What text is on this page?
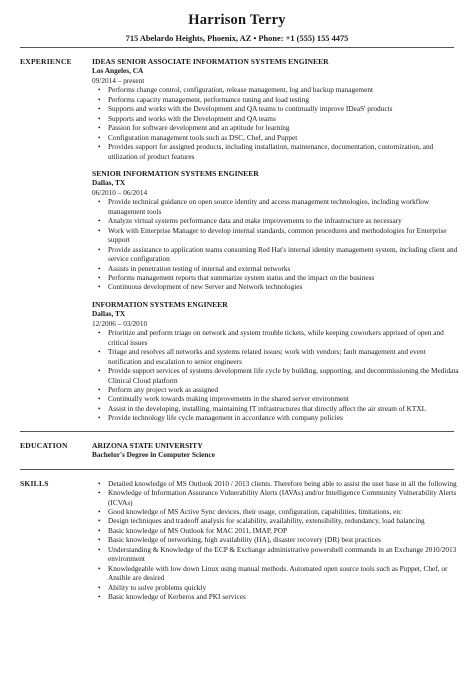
Harrison Terry
715 Abelardo Heights, Phoenix, AZ • Phone: +1 (555) 155 4475
EXPERIENCE	IDEAS SENIOR ASSOCIATE INFORMATION SYSTEMS ENGINEER
Los Angeles, CA
09/2014 – present
• Performs change control, configuration, release management, log and backup management
• Performs capacity management, performance tuning and load testing
• Supports and works with the Development and QA teams to continually improve IDeaS' products
• Supports and works with the Development and QA teams
• Passion for software development and an aptitude for learning
• Configuration management tools such as DSC, Chef, and Puppet
• Provides support for assigned products, including installation, maintenance, documentation, customization, and utilization of product features
SENIOR INFORMATION SYSTEMS ENGINEER
Dallas, TX
06/2010 – 06/2014
• Provide technical guidance on open source identity and access management technologies, including workflow management tools
• Analyze virtual systems performance data and make improvements to the infrastructure as necessary
• Work with Enterprise Manager to develop internal standards, common procedures and methodologies for Enterprise support
• Provide assistance to application teams consuming Red Hat's internal identity management system, including client and service configuration
• Assists in penetration testing of internal and external networks
• Performs management reports that summarize system status and the impact on the business
• Continuous development of new Server and Network technologies
INFORMATION SYSTEMS ENGINEER
Dallas, TX
12/2006 – 03/2010
• Prioritize and perform triage on network and system trouble tickets, while keeping coworkers apprised of open and critical issues
• Triage and resolves all networks and systems related issues; work with vendors; fault management and event notification and escalation to senior engineers
• Provide support services of systems development life cycle by building, supporting, and decommissioning the Medidata Clinical Cloud platform
• Perform any project work as assigned
• Continually work towards making improvements in the shared server environment
• Assist in the developing, installing, maintaining IT infrastructures that directly affect the air stream of KTXL
• Provide technology life cycle management in accordance with company policies
EDUCATION	ARIZONA STATE UNIVERSITY
Bachelor's Degree in Computer Science
SKILLS
•	Detailed knowledge of MS Outlook 2010 / 2013 clients. Therefore being able to assist the user base in all the following
• Knowledge of Information Assurance Vulnerability Alerts (IAVAs) and/or Intelligence Community Vulnerability Alerts (ICVAs)
• Good knowledge of MS Active Sync devices, their usage, configuration, capabilities, limitations, etc
• Design techniques and tradeoff analysis for scalability, availability, extensibility, redundancy, load balancing
• Basic knowledge of MS Outlook for MAC 2011, IMAP, POP
• Basic knowledge of networking, high availability (HA), disaster recovery (DR) best practices
• Understanding & Knowledge of the ECP & Exchange administrative powershell commands in an Exchange 2010/2013 environment
• Knowledgeable with low down Linux using manual methods. Automated open source tools such as Puppet, Chef, or Ansible are desired
• Ability to solve problems quickly
• Basic knowledge of Kerberos and PKI services
